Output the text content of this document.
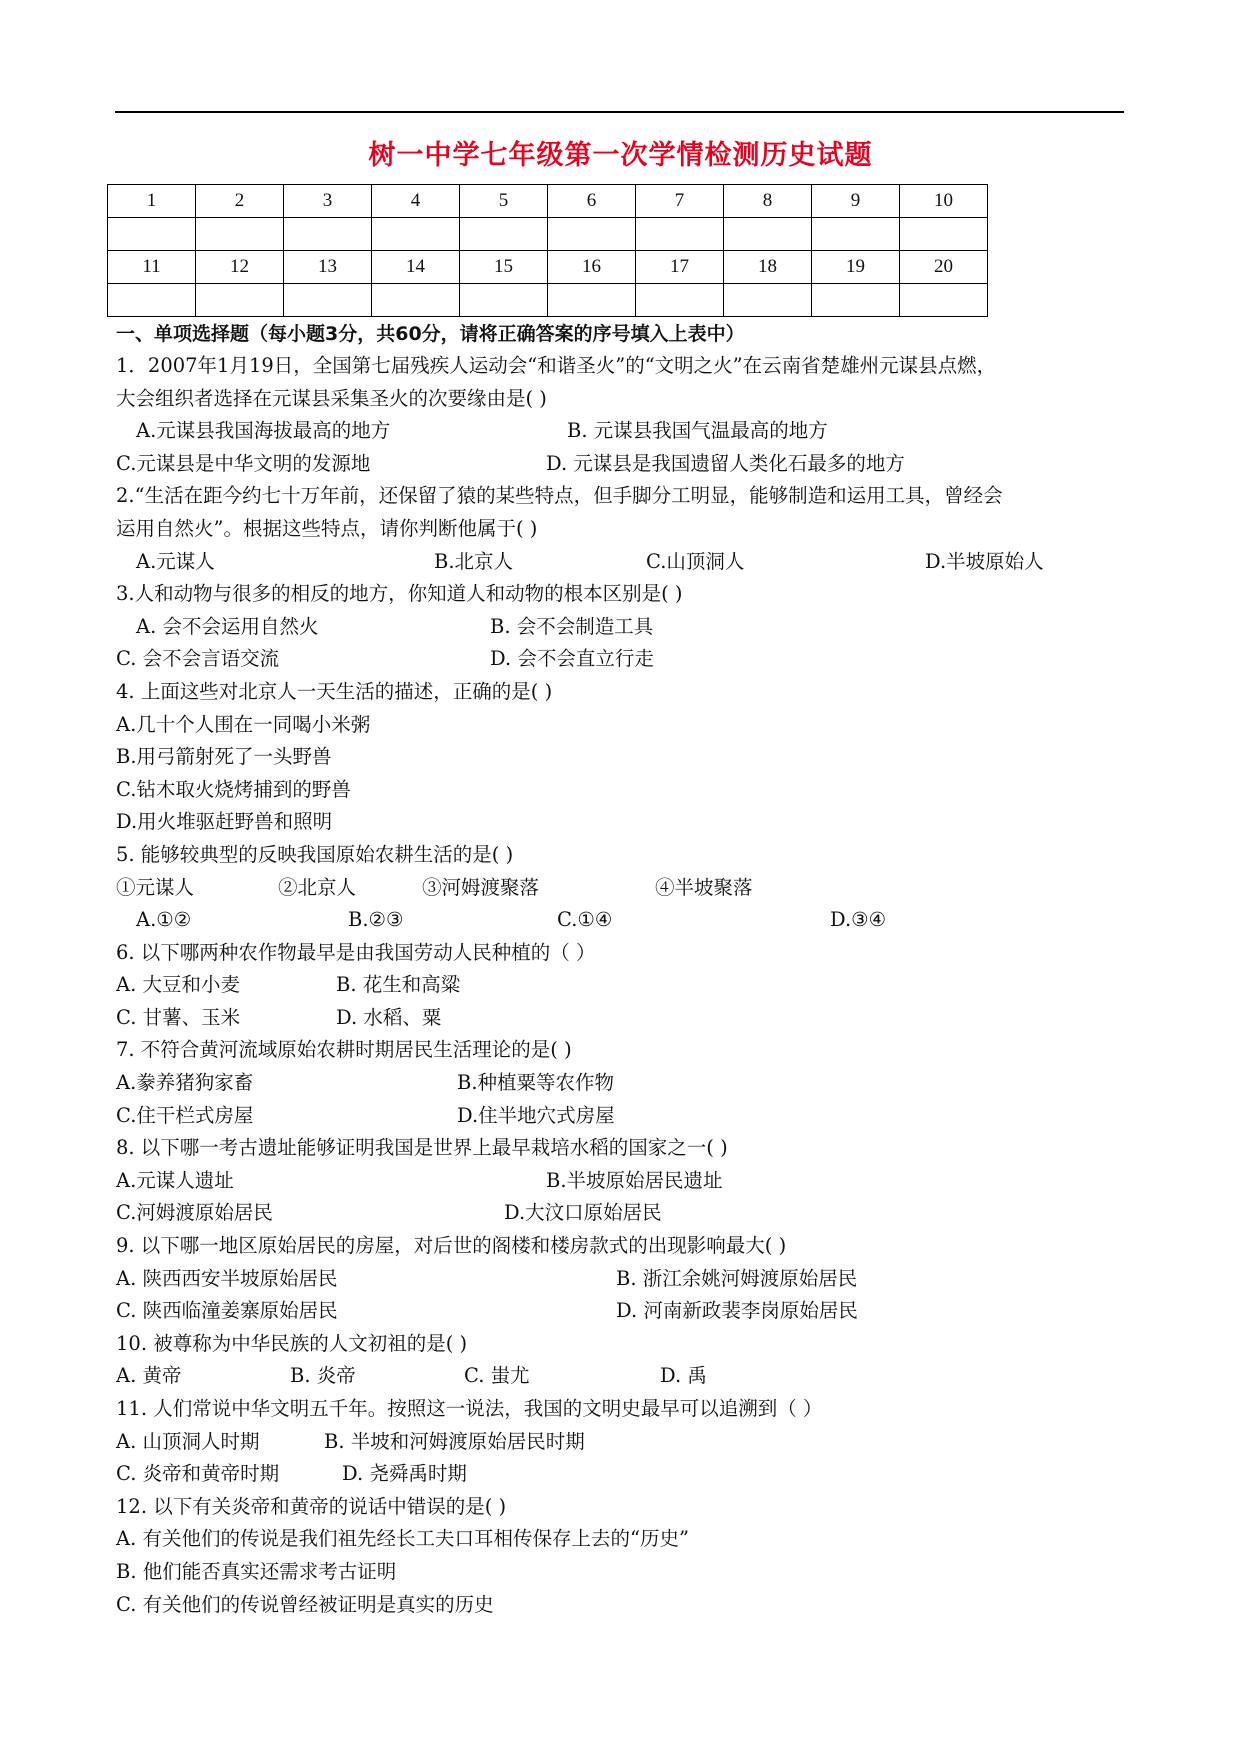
树一中学七年级第一次学情检测历史试题
1	2	3	4	5	6	7	8	9	10

11	12	13	14	15	16	17	18	19	20

一、单项选择题（每小题3分，共60分，请将正确答案的序号填入上表中）
1．2007年1月19日，全国第七届残疾人运动会“和谐圣火”的“文明之火”在云南省楚雄州元谋县点燃，
大会组织者选择在元谋县采集圣火的次要缘由是( )
A.元谋县我国海拔最高的地方	B. 元谋县我国气温最高的地方
C.元谋县是中华文明的发源地	D. 元谋县是我国遗留人类化石最多的地方
2.“生活在距今约七十万年前，还保留了猿的某些特点，但手脚分工明显，能够制造和运用工具，曾经会
运用自然火”。根据这些特点，请你判断他属于( )
A.元谋人	B.北京人	C.山顶洞人	D.半坡原始人
3.人和动物与很多的相反的地方，你知道人和动物的根本区别是( )
A. 会不会运用自然火	B. 会不会制造工具
C. 会不会言语交流	D. 会不会直立行走
4. 上面这些对北京人一天生活的描述，正确的是( )
A.几十个人围在一同喝小米粥
B.用弓箭射死了一头野兽
C.钻木取火烧烤捕到的野兽
D.用火堆驱赶野兽和照明
5. 能够较典型的反映我国原始农耕生活的是( )
①元谋人	②北京人	③河姆渡聚落	④半坡聚落
A.①②	B.②③	C.①④	D.③④
6. 以下哪两种农作物最早是由我国劳动人民种植的（ ）
A. 大豆和小麦	B. 花生和高粱
C. 甘薯、玉米	D. 水稻、粟
7. 不符合黄河流域原始农耕时期居民生活理论的是( )
A.豢养猪狗家畜	B.种植粟等农作物
C.住干栏式房屋	D.住半地穴式房屋
8. 以下哪一考古遗址能够证明我国是世界上最早栽培水稻的国家之一( )
A.元谋人遗址	B.半坡原始居民遗址
C.河姆渡原始居民	D.大汶口原始居民
9. 以下哪一地区原始居民的房屋，对后世的阁楼和楼房款式的出现影响最大( )
A. 陕西西安半坡原始居民	B. 浙江余姚河姆渡原始居民
C. 陕西临潼姜寨原始居民	D. 河南新政裴李岗原始居民
10. 被尊称为中华民族的人文初祖的是( )
A. 黄帝	B. 炎帝	C. 蚩尤	D. 禹
11. 人们常说中华文明五千年。按照这一说法，我国的文明史最早可以追溯到（ ）
A. 山顶洞人时期	B. 半坡和河姆渡原始居民时期
C. 炎帝和黄帝时期	D. 尧舜禹时期
12. 以下有关炎帝和黄帝的说话中错误的是( )
A. 有关他们的传说是我们祖先经长工夫口耳相传保存上去的“历史”
B. 他们能否真实还需求考古证明
C. 有关他们的传说曾经被证明是真实的历史
